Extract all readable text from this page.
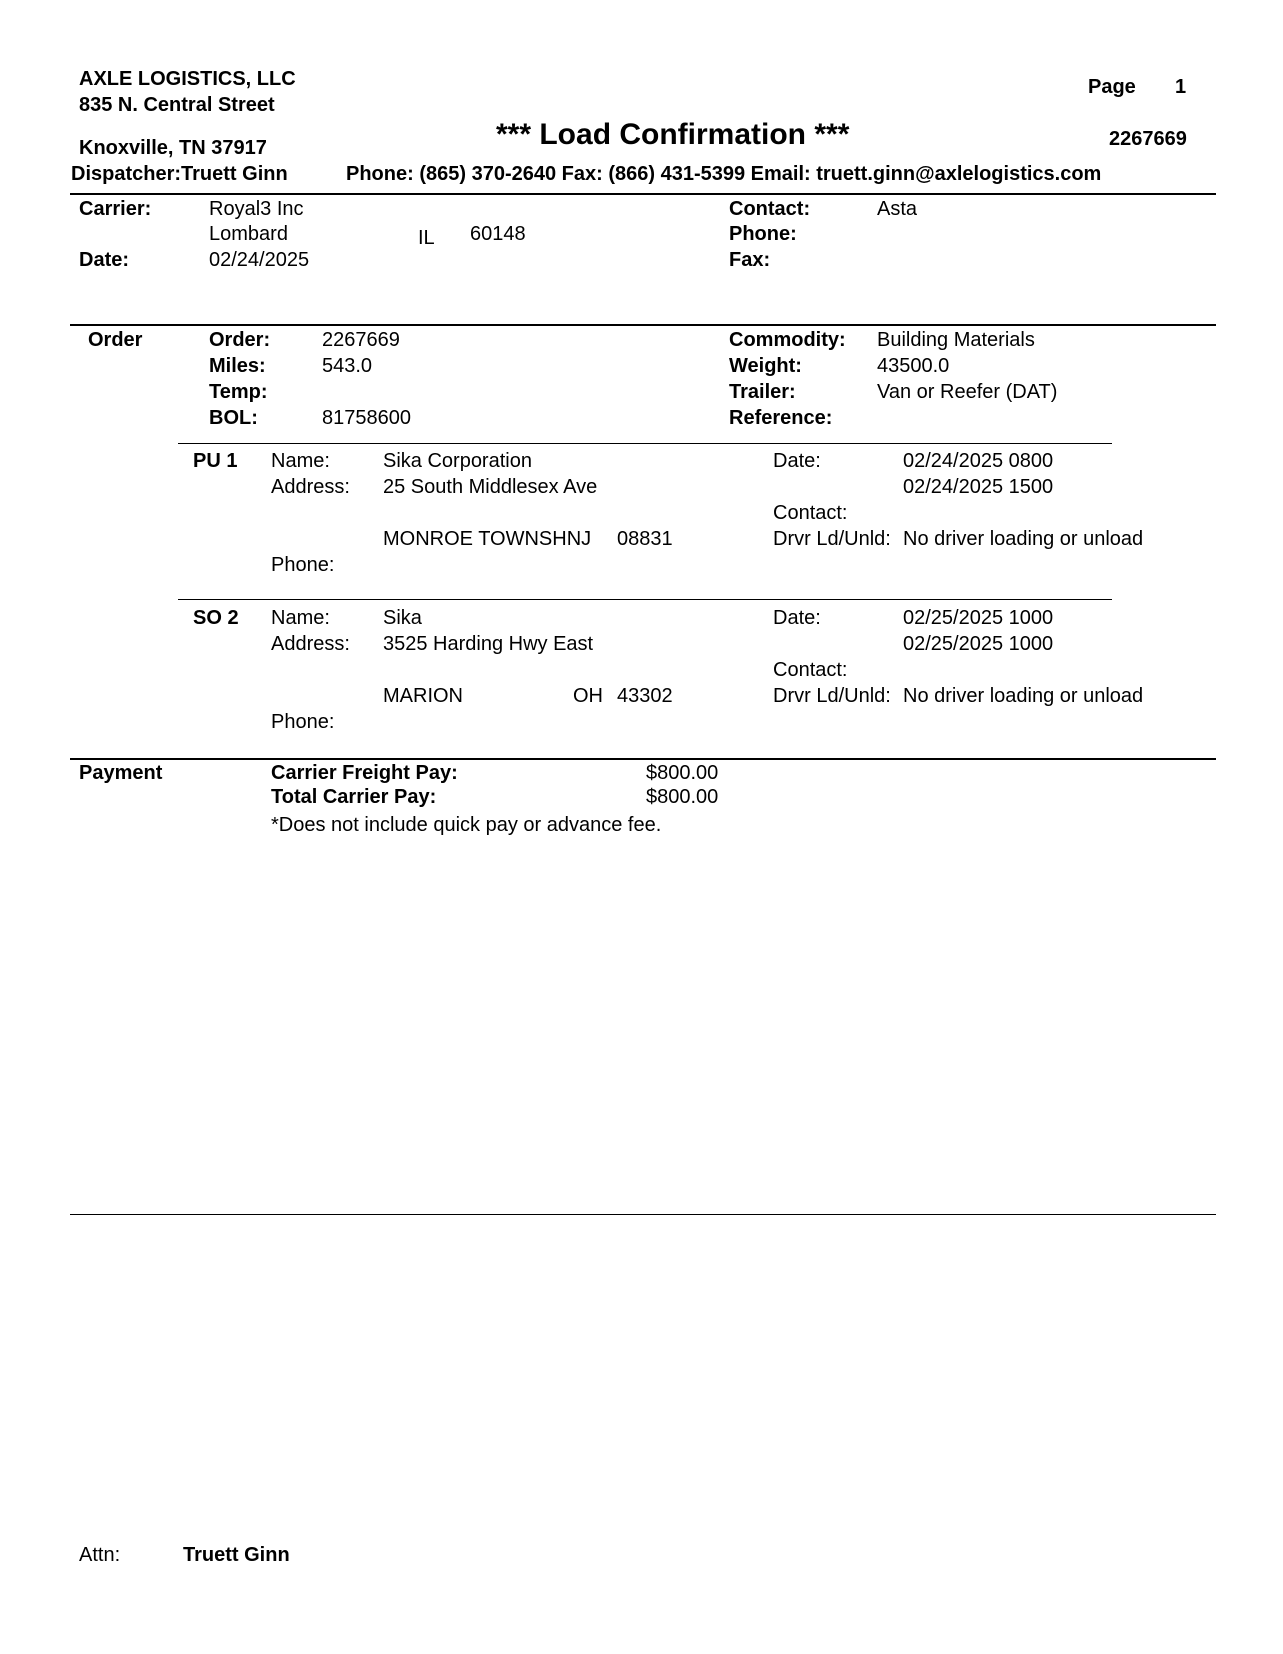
AXLE LOGISTICS, LLC
835 N. Central Street
Knoxville, TN 37917
Page 1
*** Load Confirmation ***	2267669
Dispatcher:Truett Ginn	Phone: (865) 370-2640 Fax: (866) 431-5399 Email: truett.ginn@axlelogistics.com
Carrier:	Royal3 Inc
Lombard	IL 60148
Date:	02/24/2025
Contact:	Asta
Phone:
Fax:
Order	Order:	2267669
Miles:	543.0
Temp:
BOL:	81758600
Commodity: Building Materials
Weight:	43500.0
Trailer:	Van or Reefer (DAT)
Reference:
PU 1 Name:	Sika Corporation
Address: 25 South Middlesex Ave
MONROE TOWNSHNJ 08831
Phone:
Date:	02/24/2025 0800
02/24/2025 1500
Contact:
Drvr Ld/Unld: No driver loading or unload
SO 2 Name:	Sika
Address: 3525 Harding Hwy East
MARION	OH 43302
Phone:
Date:	02/25/2025 1000
02/25/2025 1000
Contact:
Drvr Ld/Unld: No driver loading or unload
Payment	Carrier Freight Pay:	$800.00
Total Carrier Pay:	$800.00
*Does not include quick pay or advance fee.
Attn:	Truett Ginn
